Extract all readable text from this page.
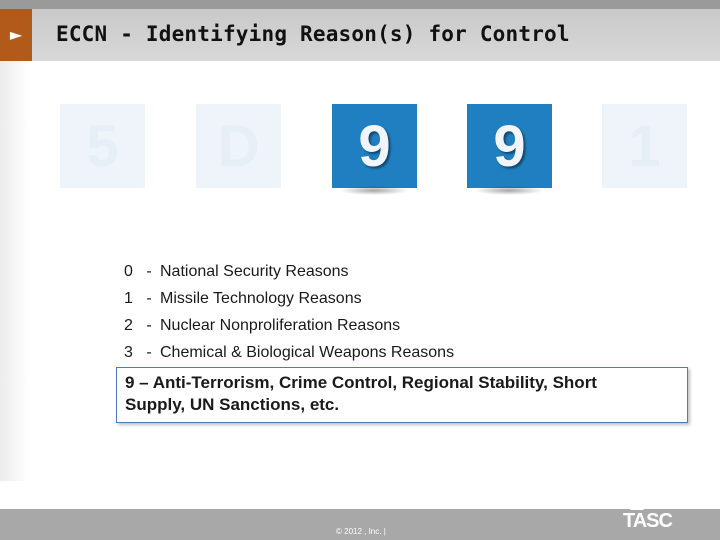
► ECCN - Identifying Reason(s) for Control
5	D	9	9	1
0 - National Security Reasons
1 - Missile Technology Reasons
2 - Nuclear Nonproliferation Reasons
3 - Chemical & Biological Weapons Reasons
9 – Anti-Terrorism, Crime Control, Regional Stability, Short
Supply, UN Sanctions, etc.
© 2012 , Inc. |	TASC
